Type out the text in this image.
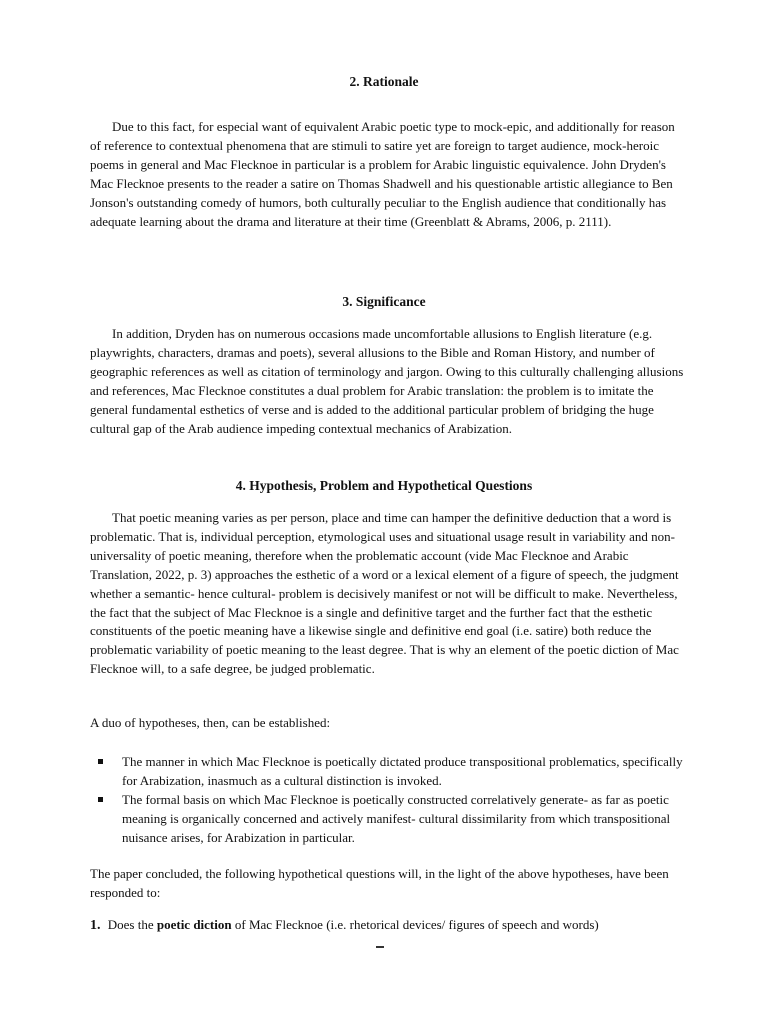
2. Rationale

Due to this fact, for especial want of equivalent Arabic poetic type to mock-epic, and additionally for reason of reference to contextual phenomena that are stimuli to satire yet are foreign to target audience, mock-heroic poems in general and Mac Flecknoe in particular is a problem for Arabic linguistic equivalence. John Dryden's Mac Flecknoe presents to the reader a satire on Thomas Shadwell and his questionable artistic allegiance to Ben Jonson's outstanding comedy of humors, both culturally peculiar to the English audience that conditionally has adequate learning about the drama and literature at their time (Greenblatt & Abrams, 2006, p. 2111).

3. Significance

In addition, Dryden has on numerous occasions made uncomfortable allusions to English literature (e.g. playwrights, characters, dramas and poets), several allusions to the Bible and Roman History, and number of geographic references as well as citation of terminology and jargon. Owing to this culturally challenging allusions and references, Mac Flecknoe constitutes a dual problem for Arabic translation: the problem is to imitate the general fundamental esthetics of verse and is added to the additional particular problem of bridging the huge cultural gap of the Arab audience impeding contextual mechanics of Arabization.

4. Hypothesis, Problem and Hypothetical Questions

That poetic meaning varies as per person, place and time can hamper the definitive deduction that a word is problematic. That is, individual perception, etymological uses and situational usage result in variability and non-universality of poetic meaning, therefore when the problematic account (vide Mac Flecknoe and Arabic Translation, 2022, p. 3) approaches the esthetic of a word or a lexical element of a figure of speech, the judgment whether a semantic- hence cultural- problem is decisively manifest or not will be difficult to make. Nevertheless, the fact that the subject of Mac Flecknoe is a single and definitive target and the further fact that the esthetic constituents of the poetic meaning have a likewise single and definitive end goal (i.e. satire) both reduce the problematic variability of poetic meaning to the least degree. That is why an element of the poetic diction of Mac Flecknoe will, to a safe degree, be judged problematic.

A duo of hypotheses, then, can be established:

The manner in which Mac Flecknoe is poetically dictated produce transpositional problematics, specifically for Arabization, inasmuch as a cultural distinction is invoked.
The formal basis on which Mac Flecknoe is poetically constructed correlatively generate- as far as poetic meaning is organically concerned and actively manifest- cultural dissimilarity from which transpositional nuisance arises, for Arabization in particular.

The paper concluded, the following hypothetical questions will, in the light of the above hypotheses, have been responded to:

1. Does the poetic diction of Mac Flecknoe (i.e. rhetorical devices/ figures of speech and words)
